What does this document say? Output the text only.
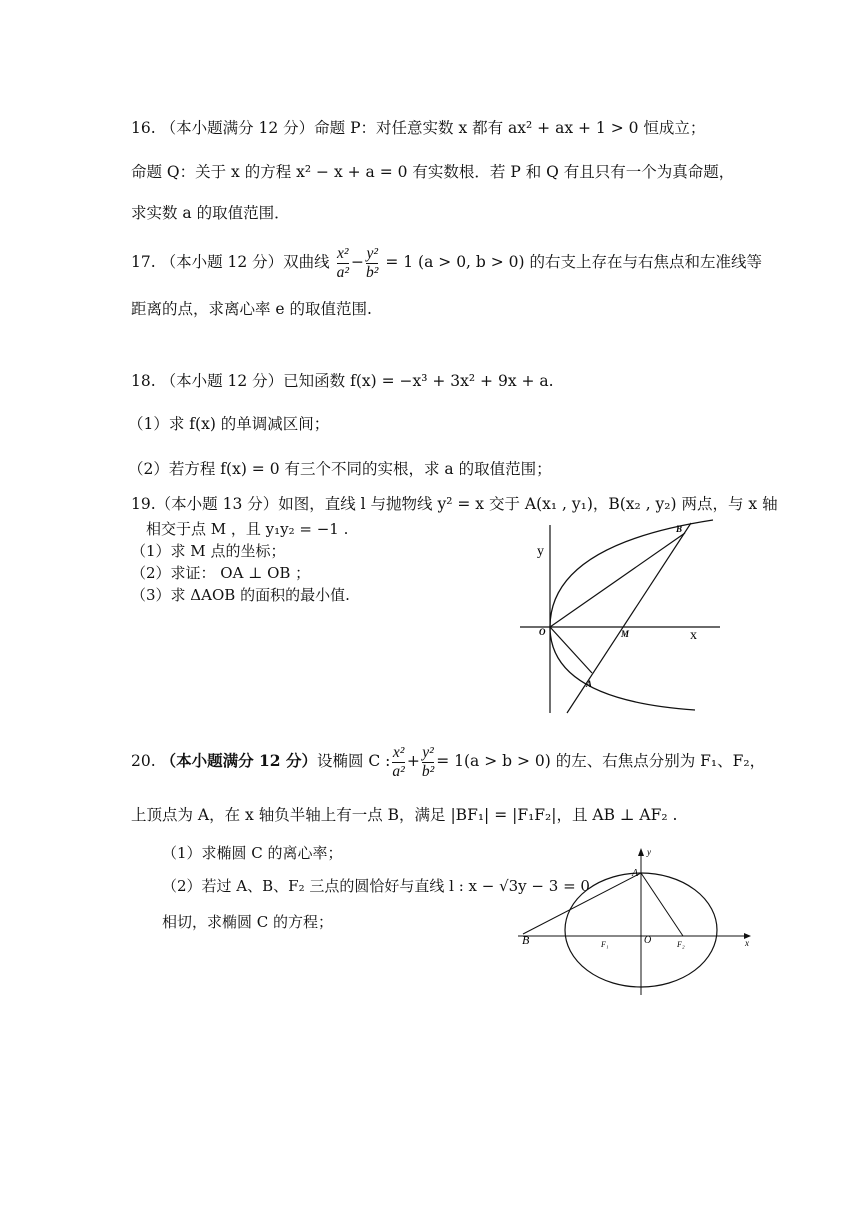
16. （本小题满分 12 分）命题 P：对任意实数 x 都有 ax² + ax + 1 > 0 恒成立；
命题 Q：关于 x 的方程 x² − x + a = 0 有实数根．若 P 和 Q 有且只有一个为真命题，
求实数 a 的取值范围．
17. （本小题 12 分）双曲线 $\frac{\text{x²}}{\text{a²}} - \frac{\text{y²}}{\text{b²}} = 1$ (a > 0, b > 0) 的右支上存在与右焦点和左准线等
距离的点，求离心率 e 的取值范围.
18. （本小题 12 分）已知函数 f(x) = −x³ + 3x² + 9x + a.
（1）求 f(x) 的单调减区间；
（2）若方程 f(x) = 0 有三个不同的实根，求 a 的取值范围；
19.（本小题 13 分）如图，直线 l 与抛物线 y² = x 交于 A(x₁ , y₁)，B(x₂ , y₂) 两点，与 x 轴
相交于点 M ，且 y₁y₂ = −1 .
（1）求 M 点的坐标；
（2）求证： OA ⊥ OB ；
（3）求 ΔAOB 的面积的最小值.
y
x
O	M
A
B
20. （本小题满分 12 分）设椭圆 C : $\frac{\text{x²}}{\text{a²}} + \frac{\text{y²}}{\text{b²}} = 1(a > b > 0)$ 的左、右焦点分别为 F₁、F₂，
上顶点为 A，在 x 轴负半轴上有一点 B，满足 |BF₁| = |F₁F₂|，且 AB ⊥ AF₂ .
（1）求椭圆 C 的离心率；
（2）若过 A、B、F₂ 三点的圆恰好与直线 l : x − √3y − 3 = 0
相切，求椭圆 C 的方程；
y
x
A
B	O
F₁	F₂
